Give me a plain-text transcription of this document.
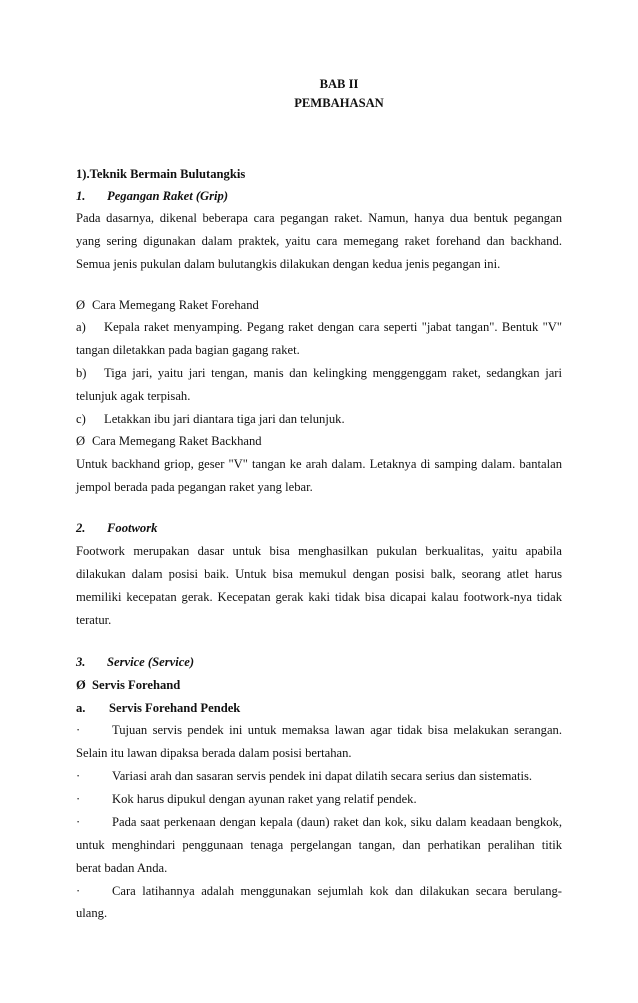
BAB II
PEMBAHASAN
1).Teknik Bermain Bulutangkis
1. Pegangan Raket (Grip)
Pada dasarnya, dikenal beberapa cara pegangan raket. Namun, hanya dua bentuk pegangan
yang sering digunakan dalam praktek, yaitu cara memegang raket forehand dan backhand.
Semua jenis pukulan dalam bulutangkis dilakukan dengan kedua jenis pegangan ini.
Ø Cara Memegang Raket Forehand
a) Kepala raket menyamping. Pegang raket dengan cara seperti "jabat tangan". Bentuk "V"
tangan diletakkan pada bagian gagang raket.
b) Tiga jari, yaitu jari tengan, manis dan kelingking menggenggam raket, sedangkan jari
telunjuk agak terpisah.
c) Letakkan ibu jari diantara tiga jari dan telunjuk.
Ø Cara Memegang Raket Backhand
Untuk backhand griop, geser "V" tangan ke arah dalam. Letaknya di samping dalam. bantalan
jempol berada pada pegangan raket yang lebar.
2. Footwork
Footwork merupakan dasar untuk bisa menghasilkan pukulan berkualitas, yaitu apabila
dilakukan dalam posisi baik. Untuk bisa memukul dengan posisi balk, seorang atlet harus
memiliki kecepatan gerak. Kecepatan gerak kaki tidak bisa dicapai kalau footwork-nya tidak
teratur.
3. Service (Service)
Ø Servis Forehand
a. Servis Forehand Pendek
·	Tujuan servis pendek ini untuk memaksa lawan agar tidak bisa melakukan serangan.
Selain itu lawan dipaksa berada dalam posisi bertahan.
·	Variasi arah dan sasaran servis pendek ini dapat dilatih secara serius dan sistematis.
·	Kok harus dipukul dengan ayunan raket yang relatif pendek.
·	Pada saat perkenaan dengan kepala (daun) raket dan kok, siku dalam keadaan bengkok,
untuk menghindari penggunaan tenaga pergelangan tangan, dan perhatikan peralihan titik
berat badan Anda.
·	Cara latihannya adalah menggunakan sejumlah kok dan dilakukan secara berulang-
ulang.
